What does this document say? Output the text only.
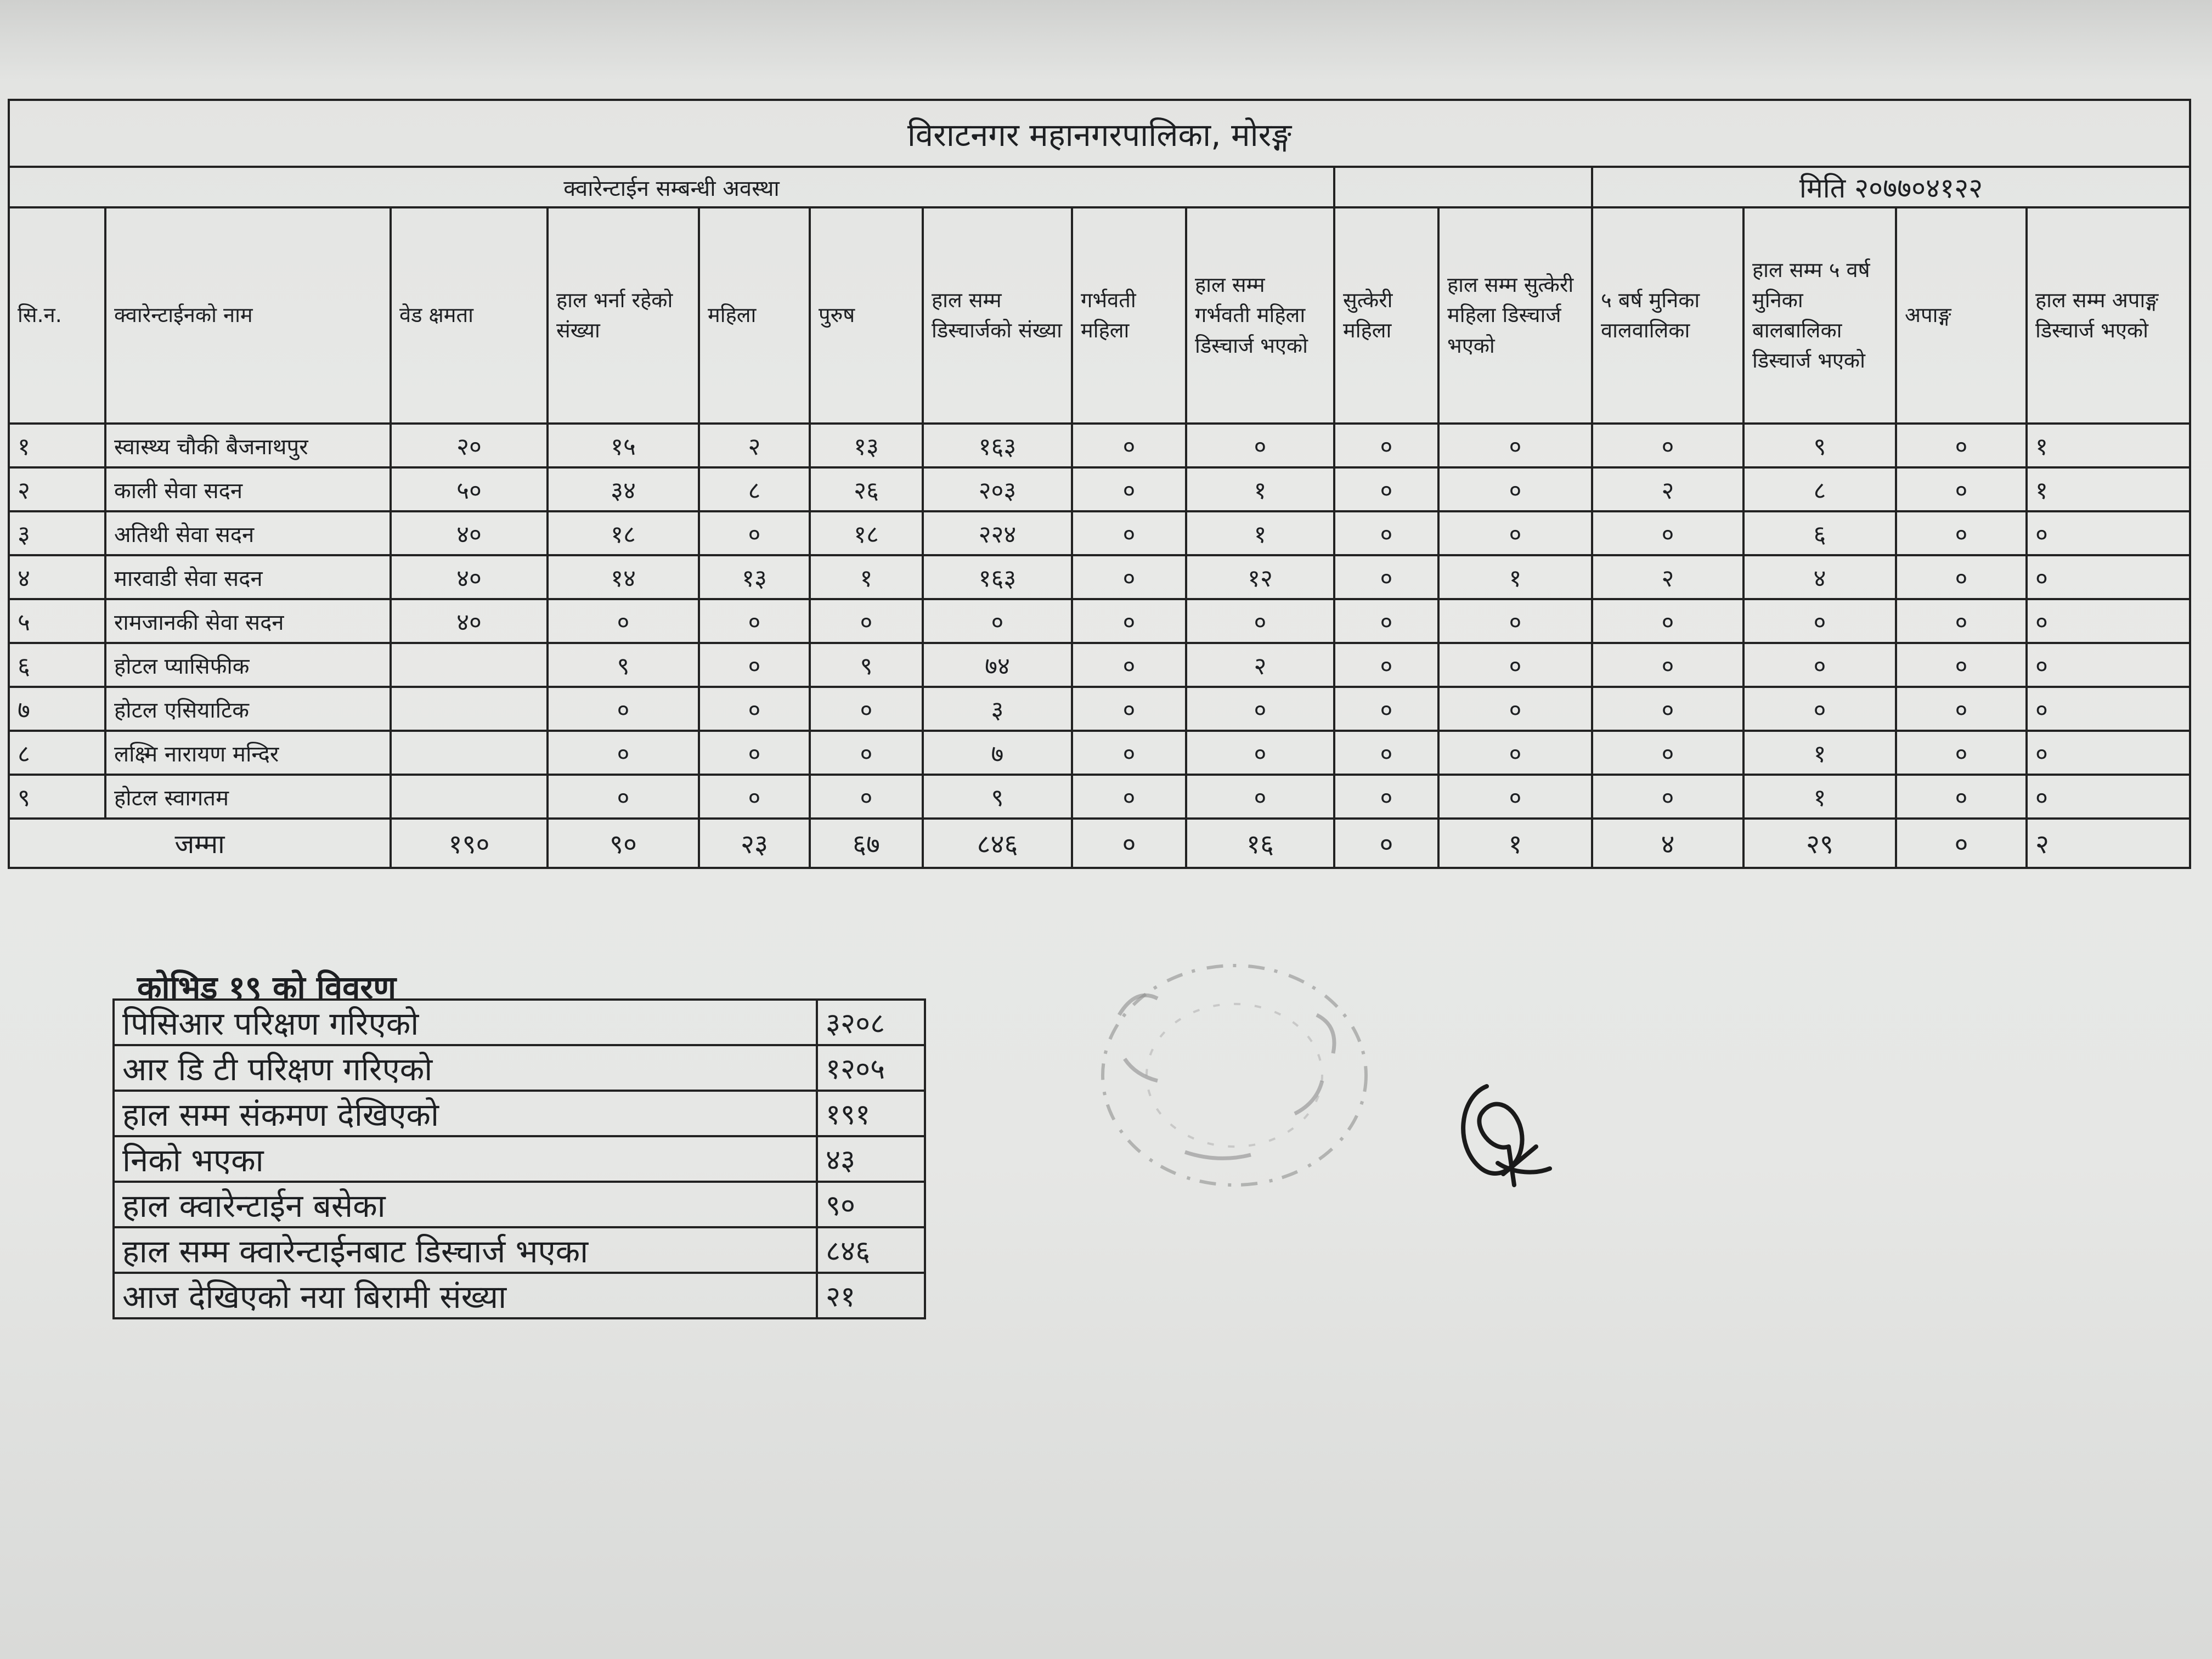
विराटनगर महानगरपालिका, मोरङ्ग														
क्वारेन्टाईन सम्बन्धी अवस्था											मिति २०७७०४१२२			
सि.न.	क्वारेन्टाईनको नाम	वेड क्षमता	हाल भर्ना रहेको संख्या	महिला	पुरुष	हाल सम्म डिस्चार्जको संख्या	गर्भवती महिला	हाल सम्म गर्भवती महिला डिस्चार्ज भएको	सुत्केरी महिला	हाल सम्म सुत्केरी महिला डिस्चार्ज भएको	५ बर्ष मुनिका वालवालिका	हाल सम्म ५ वर्ष मुनिका बालबालिका डिस्चार्ज भएको	अपाङ्ग	हाल सम्म अपाङ्ग डिस्चार्ज भएको
१	स्वास्थ्य चौकी बैजनाथपुर	२०	१५	२	१३	१६३	०	०	०	०	०	९	०	१
२	काली सेवा सदन	५०	३४	८	२६	२०३	०	१	०	०	२	८	०	१
३	अतिथी सेवा सदन	४०	१८	०	१८	२२४	०	१	०	०	०	६	०	०
४	मारवाडी सेवा सदन	४०	१४	१३	१	१६३	०	१२	०	१	२	४	०	०
५	रामजानकी सेवा सदन	४०	०	०	०	०	०	०	०	०	०	०	०	०
६	होटल प्यासिफीक		९	०	९	७४	०	२	०	०	०	०	०	०
७	होटल एसियाटिक		०	०	०	३	०	०	०	०	०	०	०	०
८	लक्ष्मि नारायण मन्दिर		०	०	०	७	०	०	०	०	०	१	०	०
९	होटल स्वागतम		०	०	०	९	०	०	०	०	०	१	०	०
जम्मा		१९०	९०	२३	६७	८४६	०	१६	०	१	४	२९	०	२
कोभिड १९ को विवरण
पिसिआर परिक्षण गरिएको	३२०८
आर डि टी परिक्षण गरिएको	१२०५
हाल सम्म संकमण देखिएको	१९१
निको भएका	४३
हाल क्वारेन्टाईन बसेका	९०
हाल सम्म क्वारेन्टाईनबाट डिस्चार्ज भएका	८४६
आज देखिएको नया बिरामी संख्या	२१
